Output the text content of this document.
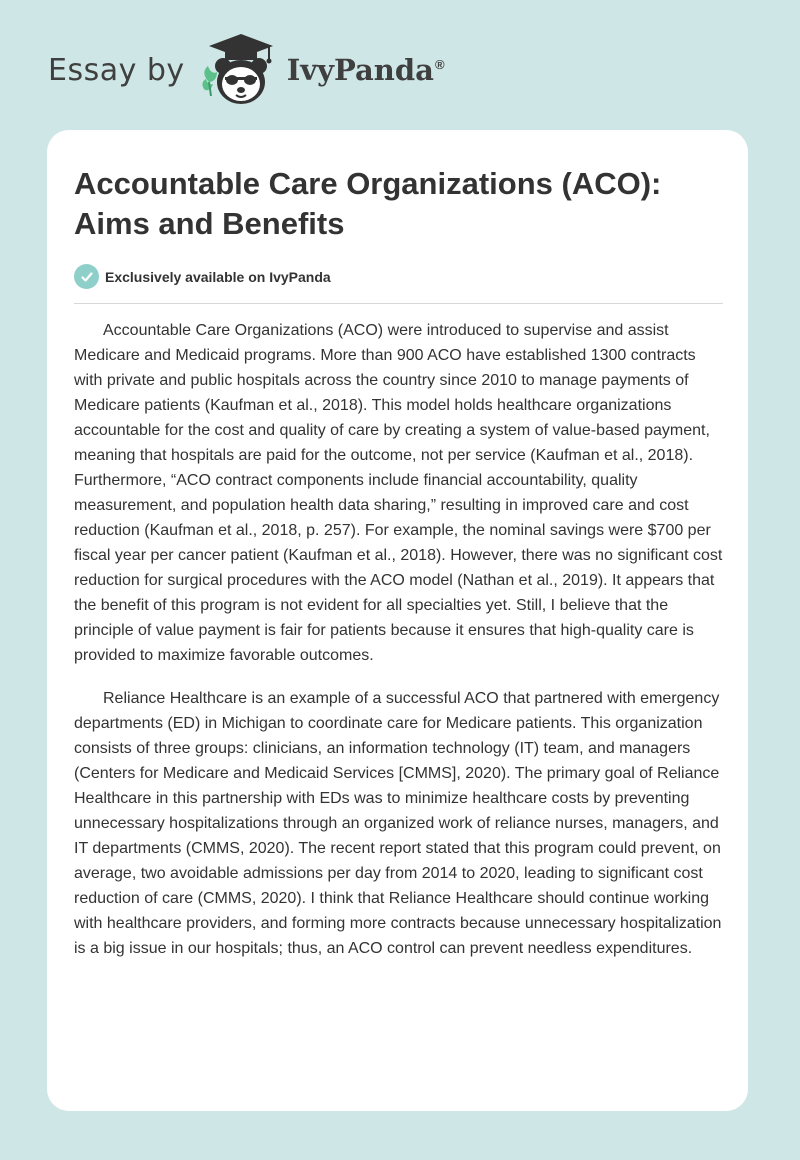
Essay by	IvyPanda®
Accountable Care Organizations (ACO): Aims and Benefits
Exclusively available on IvyPanda

Accountable Care Organizations (ACO) were introduced to supervise and assist Medicare and Medicaid programs. More than 900 ACO have established 1300 contracts with private and public hospitals across the country since 2010 to manage payments of Medicare patients (Kaufman et al., 2018). This model holds healthcare organizations accountable for the cost and quality of care by creating a system of value-based payment, meaning that hospitals are paid for the outcome, not per service (Kaufman et al., 2018). Furthermore, “ACO contract components include financial accountability, quality measurement, and population health data sharing,” resulting in improved care and cost reduction (Kaufman et al., 2018, p. 257). For example, the nominal savings were $700 per fiscal year per cancer patient (Kaufman et al., 2018). However, there was no significant cost reduction for surgical procedures with the ACO model (Nathan et al., 2019). It appears that the benefit of this program is not evident for all specialties yet. Still, I believe that the principle of value payment is fair for patients because it ensures that high-quality care is provided to maximize favorable outcomes.

Reliance Healthcare is an example of a successful ACO that partnered with emergency departments (ED) in Michigan to coordinate care for Medicare patients. This organization consists of three groups: clinicians, an information technology (IT) team, and managers (Centers for Medicare and Medicaid Services [CMMS], 2020). The primary goal of Reliance Healthcare in this partnership with EDs was to minimize healthcare costs by preventing unnecessary hospitalizations through an organized work of reliance nurses, managers, and IT departments (CMMS, 2020). The recent report stated that this program could prevent, on average, two avoidable admissions per day from 2014 to 2020, leading to significant cost reduction of care (CMMS, 2020). I think that Reliance Healthcare should continue working with healthcare providers, and forming more contracts because unnecessary hospitalization is a big issue in our hospitals; thus, an ACO control can prevent needless expenditures.
